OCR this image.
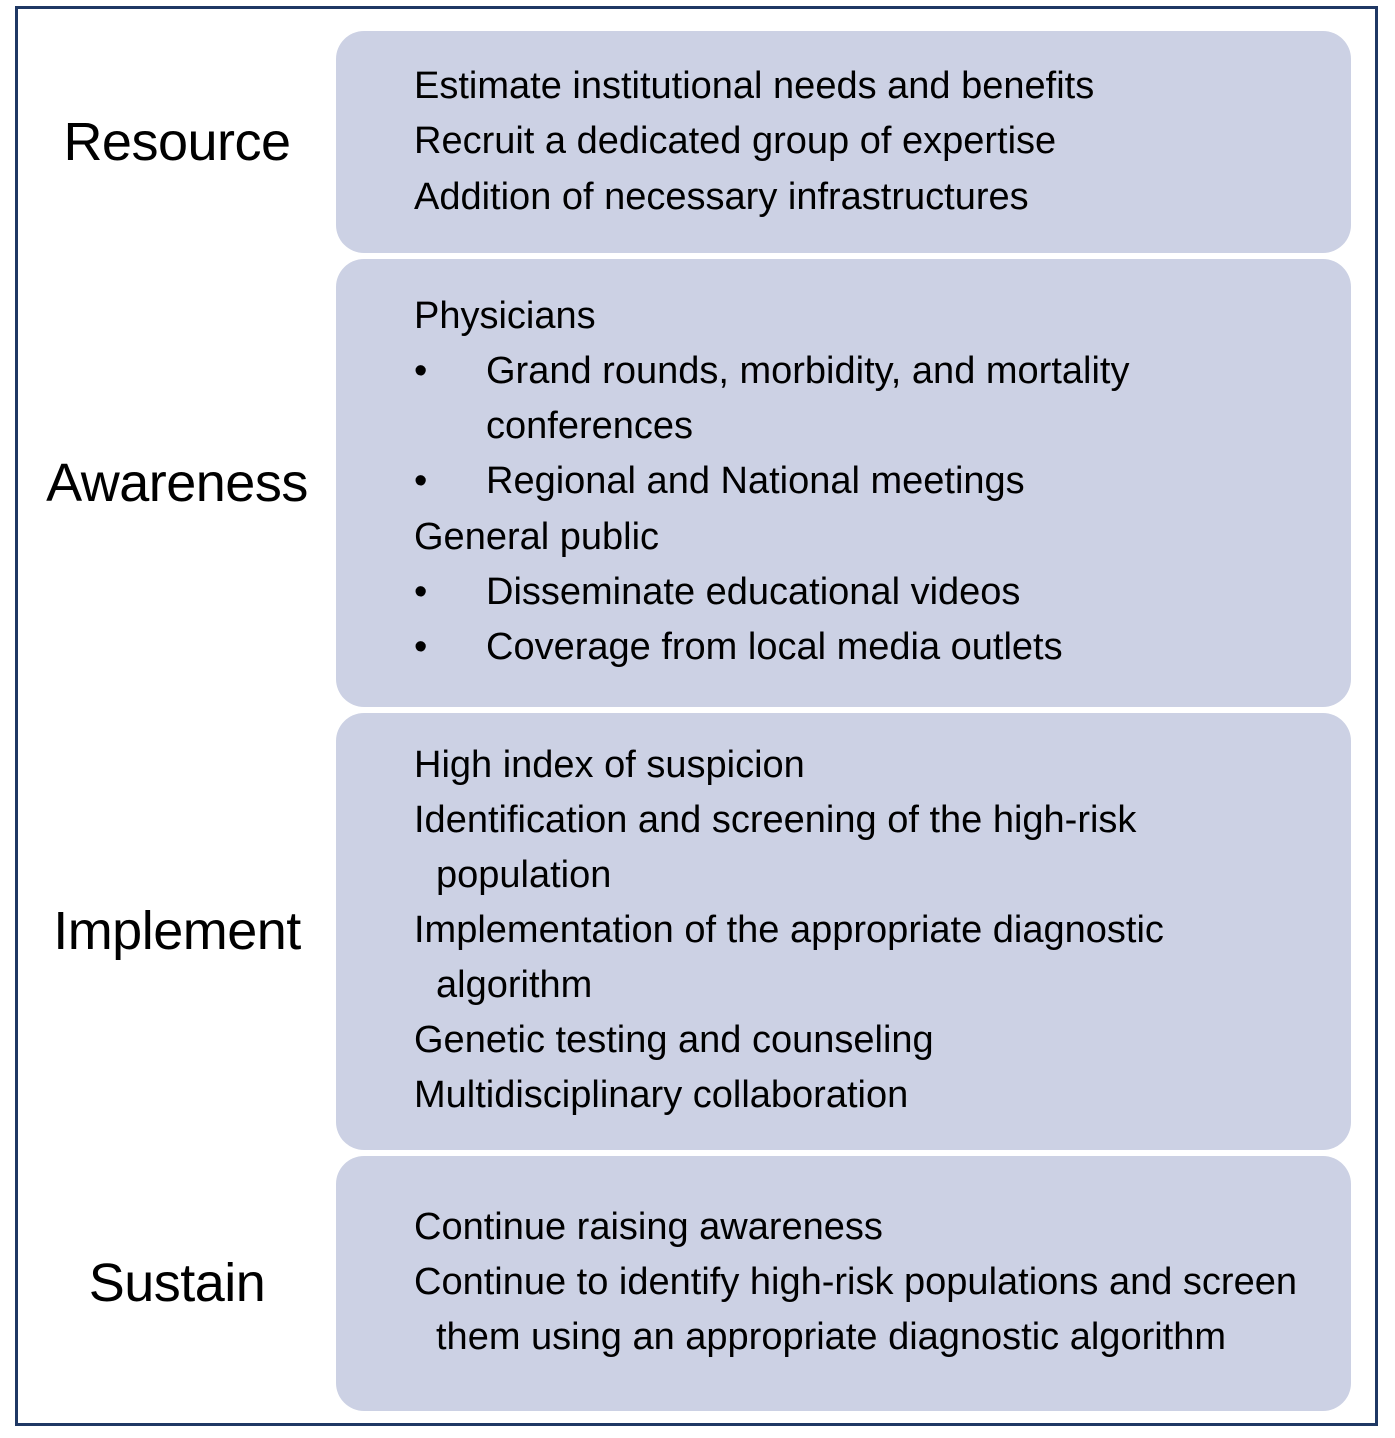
Resource
Estimate institutional needs and benefits
Recruit a dedicated group of expertise
Addition of necessary infrastructures
Awareness
Physicians
• Grand rounds, morbidity, and mortality conferences
• Regional and National meetings
General public
• Disseminate educational videos
• Coverage from local media outlets
Implement
High index of suspicion
Identification and screening of the high-risk population
Implementation of the appropriate diagnostic algorithm
Genetic testing and counseling
Multidisciplinary collaboration
Sustain
Continue raising awareness
Continue to identify high-risk populations and screen them using an appropriate diagnostic algorithm
